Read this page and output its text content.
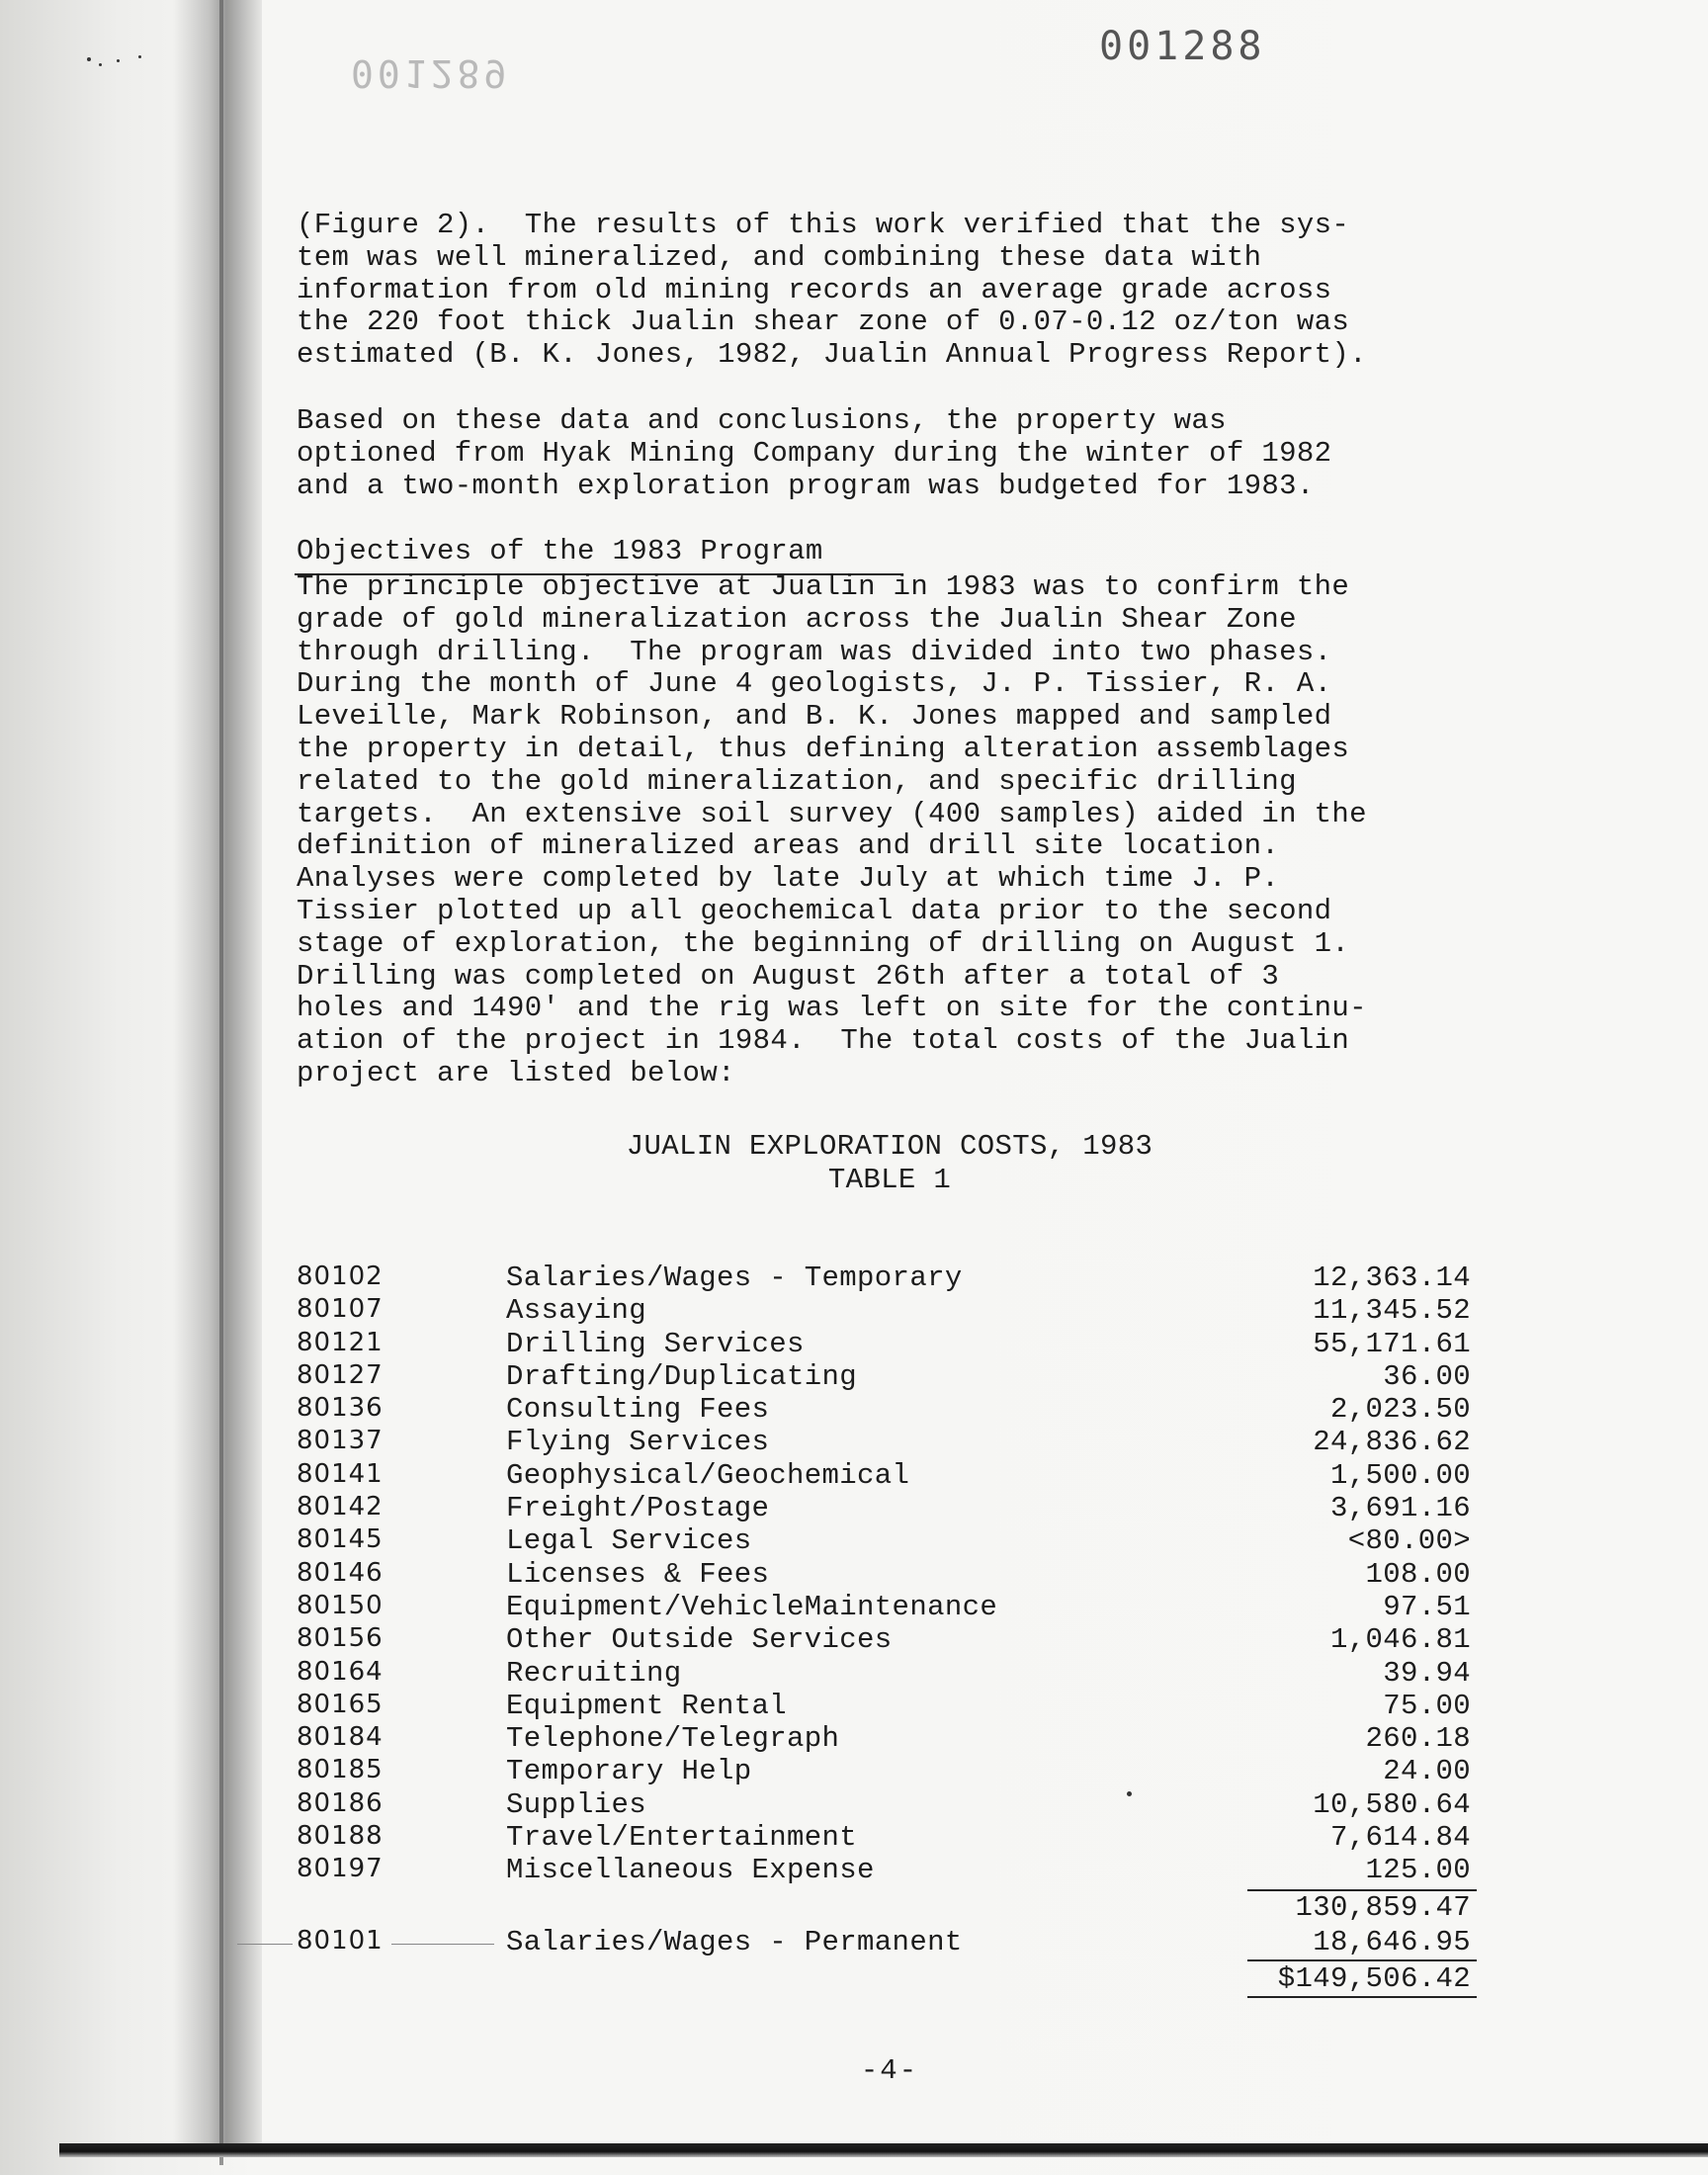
001289
001288
(Figure 2).  The results of this work verified that the sys-
tem was well mineralized, and combining these data with
information from old mining records an average grade across
the 220 foot thick Jualin shear zone of 0.07-0.12 oz/ton was
estimated (B. K. Jones, 1982, Jualin Annual Progress Report).
Based on these data and conclusions, the property was
optioned from Hyak Mining Company during the winter of 1982
and a two-month exploration program was budgeted for 1983.
Objectives of the 1983 Program
The principle objective at Jualin in 1983 was to confirm the
grade of gold mineralization across the Jualin Shear Zone
through drilling.  The program was divided into two phases.
During the month of June 4 geologists, J. P. Tissier, R. A.
Leveille, Mark Robinson, and B. K. Jones mapped and sampled
the property in detail, thus defining alteration assemblages
related to the gold mineralization, and specific drilling
targets.  An extensive soil survey (400 samples) aided in the
definition of mineralized areas and drill site location.
Analyses were completed by late July at which time J. P.
Tissier plotted up all geochemical data prior to the second
stage of exploration, the beginning of drilling on August 1.
Drilling was completed on August 26th after a total of 3
holes and 1490' and the rig was left on site for the continu-
ation of the project in 1984.  The total costs of the Jualin
project are listed below:
JUALIN EXPLORATION COSTS, 1983
TABLE 1
80102	Salaries/Wages - Temporary	12,363.14
80107	Assaying	11,345.52
80121	Drilling Services	55,171.61
80127	Drafting/Duplicating	36.00
80136	Consulting Fees	2,023.50
80137	Flying Services	24,836.62
80141	Geophysical/Geochemical	1,500.00
80142	Freight/Postage	3,691.16
80145	Legal Services	<80.00>
80146	Licenses & Fees	108.00
80150	Equipment/VehicleMaintenance	97.51
80156	Other Outside Services	1,046.81
80164	Recruiting	39.94
80165	Equipment Rental	75.00
80184	Telephone/Telegraph	260.18
80185	Temporary Help	24.00
80186	Supplies	10,580.64
80188	Travel/Entertainment	7,614.84
80197	Miscellaneous Expense	125.00
130,859.47
80101	Salaries/Wages - Permanent	18,646.95
$149,506.42
-4-
